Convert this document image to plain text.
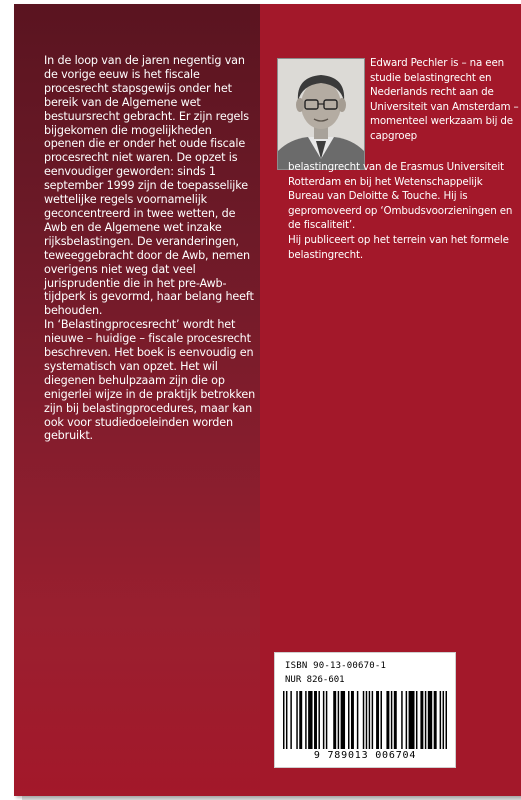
In de loop van de jaren negentig van de vorige eeuw is het fiscale procesrecht stapsgewijs onder het bereik van de Algemene wet bestuursrecht gebracht. Er zijn regels bijgekomen die mogelijkheden openen die er onder het oude fiscale procesrecht niet waren. De opzet is eenvoudiger geworden: sinds 1 september 1999 zijn de toepasselijke wettelijke regels voornamelijk geconcentreerd in twee wetten, de Awb en de Algemene wet inzake rijksbelastingen. De veranderingen, teweeggebracht door de Awb, nemen overigens niet weg dat veel jurisprudentie die in het pre-Awb-tijdperk is gevormd, haar belang heeft behouden.

In ‘Belastingprocesrecht’ wordt het nieuwe – huidige – fiscale procesrecht beschreven. Het boek is eenvoudig en systematisch van opzet. Het wil diegenen behulpzaam zijn die op enigerlei wijze in de praktijk betrokken zijn bij belastingprocedures, maar kan ook voor studiedoeleinden worden gebruikt.

Edward Pechler is – na een studie belastingrecht en Nederlands recht aan de Universiteit van Amsterdam – momenteel werkzaam bij de capgroep

belastingrecht van de Erasmus Universiteit Rotterdam en bij het Wetenschappelijk Bureau van Deloitte & Touche. Hij is gepromoveerd op ‘Ombudsvoorzieningen en de fiscaliteit’.

Hij publiceert op het terrein van het formele belastingrecht.

ISBN 90-13-00670-1
NUR 826-601
9 789013 006704
